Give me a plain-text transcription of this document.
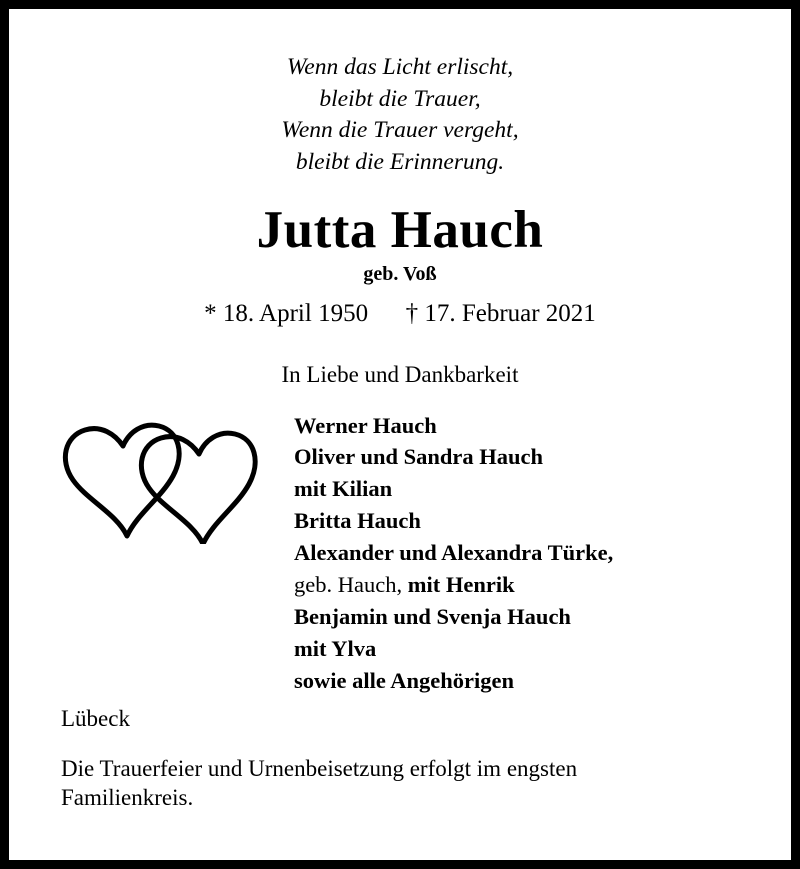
Wenn das Licht erlischt,
bleibt die Trauer,
Wenn die Trauer vergeht,
bleibt die Erinnerung.
Jutta Hauch
geb. Voß
* 18. April 1950      † 17. Februar 2021
In Liebe und Dankbarkeit
Werner Hauch
Oliver und Sandra Hauch
mit Kilian
Britta Hauch
Alexander und Alexandra Türke,
geb. Hauch, mit Henrik
Benjamin und Svenja Hauch
mit Ylva
sowie alle Angehörigen
Lübeck
Die Trauerfeier und Urnenbeisetzung erfolgt im engsten Familienkreis.
